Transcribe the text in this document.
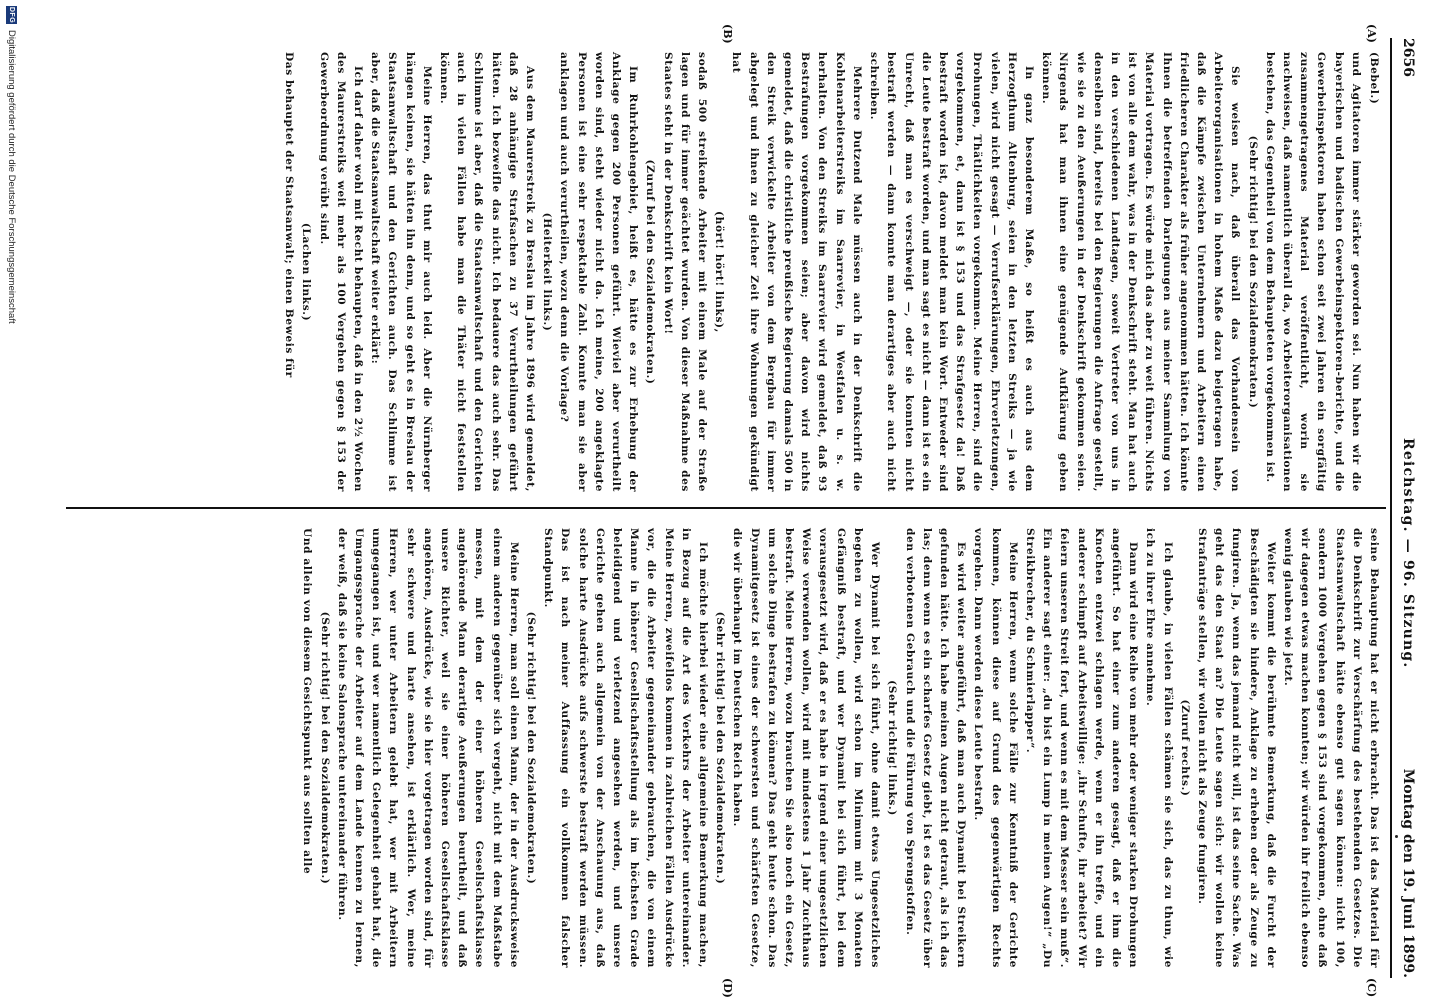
2656
Reichstag. — 96. Sitzung.
Montag den 19. Juni 1899.
(A)
(B)
(C)
(D)
(Bebel.)

und Agitatoren immer stärker geworden sei. Nun haben wir die bayerischen und badischen Gewerbeinspektoren-berichte, und die Gewerbeinspektoren haben schon seit zwei Jahren ein sorgfältig zusammengetragenes Material veröffentlicht, worin sie nachweisen, daß namentlich überall da, wo Arbeiterorganisationen bestehen, das Gegentheil von dem Behaupteten vorgekommen ist.

(Sehr richtig! bei den Sozialdemokraten.)

Sie weisen nach, daß überall das Vorhandensein von Arbeiterorganisationen in hohem Maße dazu beigetragen habe, daß die Kämpfe zwischen Unternehmern und Arbeitern einen friedlicheren Charakter als früher angenommen hätten. Ich könnte Ihnen die betreffenden Darlegungen aus meiner Sammlung von Material vortragen. Es würde mich das aber zu weit führen. Nichts ist von alle dem wahr, was in der Denkschrift steht. Man hat auch in den verschiedenen Landtagen, soweit Vertreter von uns in denselben sind, bereits bei den Regierungen die Anfrage gestellt, wie sie zu den Aeußerungen in der Denkschrift gekommen seien. Nirgends hat man ihnen eine genügende Aufklärung geben können.

In ganz besonderem Maße, so heißt es auch aus dem Herzogthum Altenburg, seien in den letzten Streiks — ja wie vielen, wird nicht gesagt — Verrufserklärungen, Ehrverletzungen, Drohungen, Thätlichkeiten vorgekommen. Meine Herren, sind die vorgekommen, et, dann ist § 153 und das Strafgesetz da! Daß bestraft worden ist, davon meldet man kein Wort. Entweder sind die Leute bestraft worden, und man sagt es nicht — dann ist es ein Unrecht, daß man es verschweigt —, oder sie konnten nicht bestraft werden — dann konnte man derartiges aber auch nicht schreiben.

Mehrere Dutzend Male müssen auch in der Denkschrift die Kohlenarbeiterstreiks im Saarrevier, in Westfalen u. s. w. herhalten. Von den Streiks im Saarrevier wird gemeldet, daß 93 Bestrafungen vorgekommen seien; aber davon wird nichts gemeldet, daß die christliche preußische Regierung damals 500 in den Streik verwickelte Arbeiter von dem Bergbau für immer abgelegt und ihnen zu gleicher Zeit ihre Wohnungen gekündigt hat

(hört! hört! links),

sodaß 500 streikende Arbeiter mit einem Male auf der Straße lagen und für immer geächtet wurden. Von dieser Maßnahme des Staates steht in der Denkschrift kein Wort!

(Zuruf bei den Sozialdemokraten.)

Im Ruhrkohlengebiet, heißt es, hätte es zur Erhebung der Anklage gegen 200 Personen geführt. Wieviel aber verurtheilt worden sind, steht wieder nicht da. Ich meine, 200 angeklagte Personen ist eine sehr respektable Zahl. Konnte man sie aber anklagen und auch verurtheilen, wozu denn die Vorlage?

(Heiterkeit links.)

Aus dem Maurerstreik zu Breslau im Jahre 1896 wird gemeldet, daß 28 anhängige Strafsachen zu 37 Verurtheilungen geführt hätten. Ich bezweifle das nicht. Ich bedauere das auch sehr. Das Schlimme ist aber, daß die Staatsanwaltschaft und den Gerichten auch in vielen Fällen habe man die Thäter nicht feststellen können.

Meine Herren, das thut mir auch leid. Aber die Nürnberger hängen keinen, sie hätten ihn denn, und so geht es in Breslau der Staatsanwaltschaft und den Gerichten auch. Das Schlimme ist aber, daß die Staatsanwaltschaft weiter erklärt:

Ich darf daher wohl mit Recht behaupten, daß in den 2½ Wochen des Maurerstreiks weit mehr als 100 Vergehen gegen § 153 der Gewerbeordnung verübt sind.

(Lachen links.)

Das behauptet der Staatsanwalt; einen Beweis für

seine Behauptung hat er nicht erbracht. Das ist das Material für die Denkschrift zur Verschärfung des bestehenden Gesetzes. Die Staatsanwaltschaft hätte ebenso gut sagen können: nicht 100, sondern 1000 Vergehen gegen § 153 sind vorgekommen, ohne daß wir dagegen etwas machen konnten; wir würden ihr freilich ebenso wenig glauben wie jetzt.

Weiter kommt die berühmte Bemerkung, daß die Furcht der Beschädigten sie hindere, Anklage zu erheben oder als Zeuge zu fungiren. Ja, wenn das jemand nicht will, ist das seine Sache. Was geht das den Staat an? Die Leute sagen sich: wir wollen keine Strafanträge stellen, wir wollen nicht als Zeuge fungiren.

(Zuruf rechts.)

Ich glaube, in vielen Fällen schämen sie sich, das zu thun, wie ich zu ihrer Ehre annehme.

Dann wird eine Reihe von mehr oder weniger starken Drohungen angeführt. So hat einer zum anderen gesagt, daß er ihm die Knochen entzwei schlagen werde, wenn er ihn treffe, und ein anderer schimpft auf Arbeitswillige: „ihr Schufte, ihr arbeitet? Wir feiern unseren Streit fort, und wenn es mit dem Messer sein muß“. Ein anderer sagt einer: „du bist ein Lump in meinen Augen!“ „Du Streikbrecher, du Schmierlapper“.

Meine Herren, wenn solche Fälle zur Kenntniß der Gerichte kommen, können diese auf Grund des gegenwärtigen Rechts vorgehen. Dann werden diese Leute bestraft.

Es wird weiter angeführt, daß man auch Dynamit bei Streikern gefunden hätte. Ich habe meinen Augen nicht getraut, als ich das las; denn wenn es ein scharfes Gesetz giebt, ist es das Gesetz über den verbotenen Gebrauch und die Führung von Sprengstoffen.

(Sehr richtig! links.)

Wer Dynamit bei sich führt, ohne damit etwas Ungesetzliches begehen zu wollen, wird schon im Minimum mit 3 Monaten Gefängniß bestraft, und wer Dynamit bei sich führt, bei dem vorausgesetzt wird, daß er es habe in irgend einer ungesetzlichen Weise verwenden wollen, wird mit mindestens 1 Jahr Zuchthaus bestraft. Meine Herren, wozu brauchen Sie also noch ein Gesetz, um solche Dinge bestrafen zu können? Das geht heute schon. Das Dynamitgesetz ist eines der schwersten und schärfsten Gesetze, die wir überhaupt im Deutschen Reich haben.

(Sehr richtig! bei den Sozialdemokraten.)

Ich möchte hierbei wieder eine allgemeine Bemerkung machen, in Bezug auf die Art des Verkehrs der Arbeiter untereinander. Meine Herren, zweifellos kommen in zahlreichen Fällen Ausdrücke vor, die die Arbeiter gegeneinander gebrauchen, die von einem Manne in höherer Gesellschaftsstellung als im höchsten Grade beleidigend und verletzend angesehen werden, und unsere Gerichte gehen auch allgemein von der Anschauung aus, daß solche harte Ausdrücke aufs schwerste bestraft werden müssen. Das ist nach meiner Auffassung ein vollkommen falscher Standpunkt.

(Sehr richtig! bei den Sozialdemokraten.)

Meine Herren, man soll einen Mann, der in der Ausdrucksweise einem anderen gegenüber sich vergeht, nicht mit dem Maßstabe messen, mit dem der einer höheren Gesellschaftsklasse angehörende Mann derartige Aeußerungen beurtheilt, und daß unsere Richter, weil sie einer höheren Gesellschaftsklasse angehören, Ausdrücke, wie sie hier vorgetragen worden sind, für sehr schwere und harte ansehen, ist erklärlich. Wer, meine Herren, wer unter Arbeitern gelebt hat, wer mit Arbeitern umgegangen ist, und wer namentlich Gelegenheit gehabt hat, die Umgangssprache der Arbeiter auf dem Lande kennen zu lernen, der weiß, daß sie keine Salonsprache untereinander führen.

(Sehr richtig! bei den Sozialdemokraten.)

Und allein von diesem Gesichtspunkt aus sollten alle

DFG
Digitalisierung gefördert durch die Deutsche Forschungsgemeinschaft
